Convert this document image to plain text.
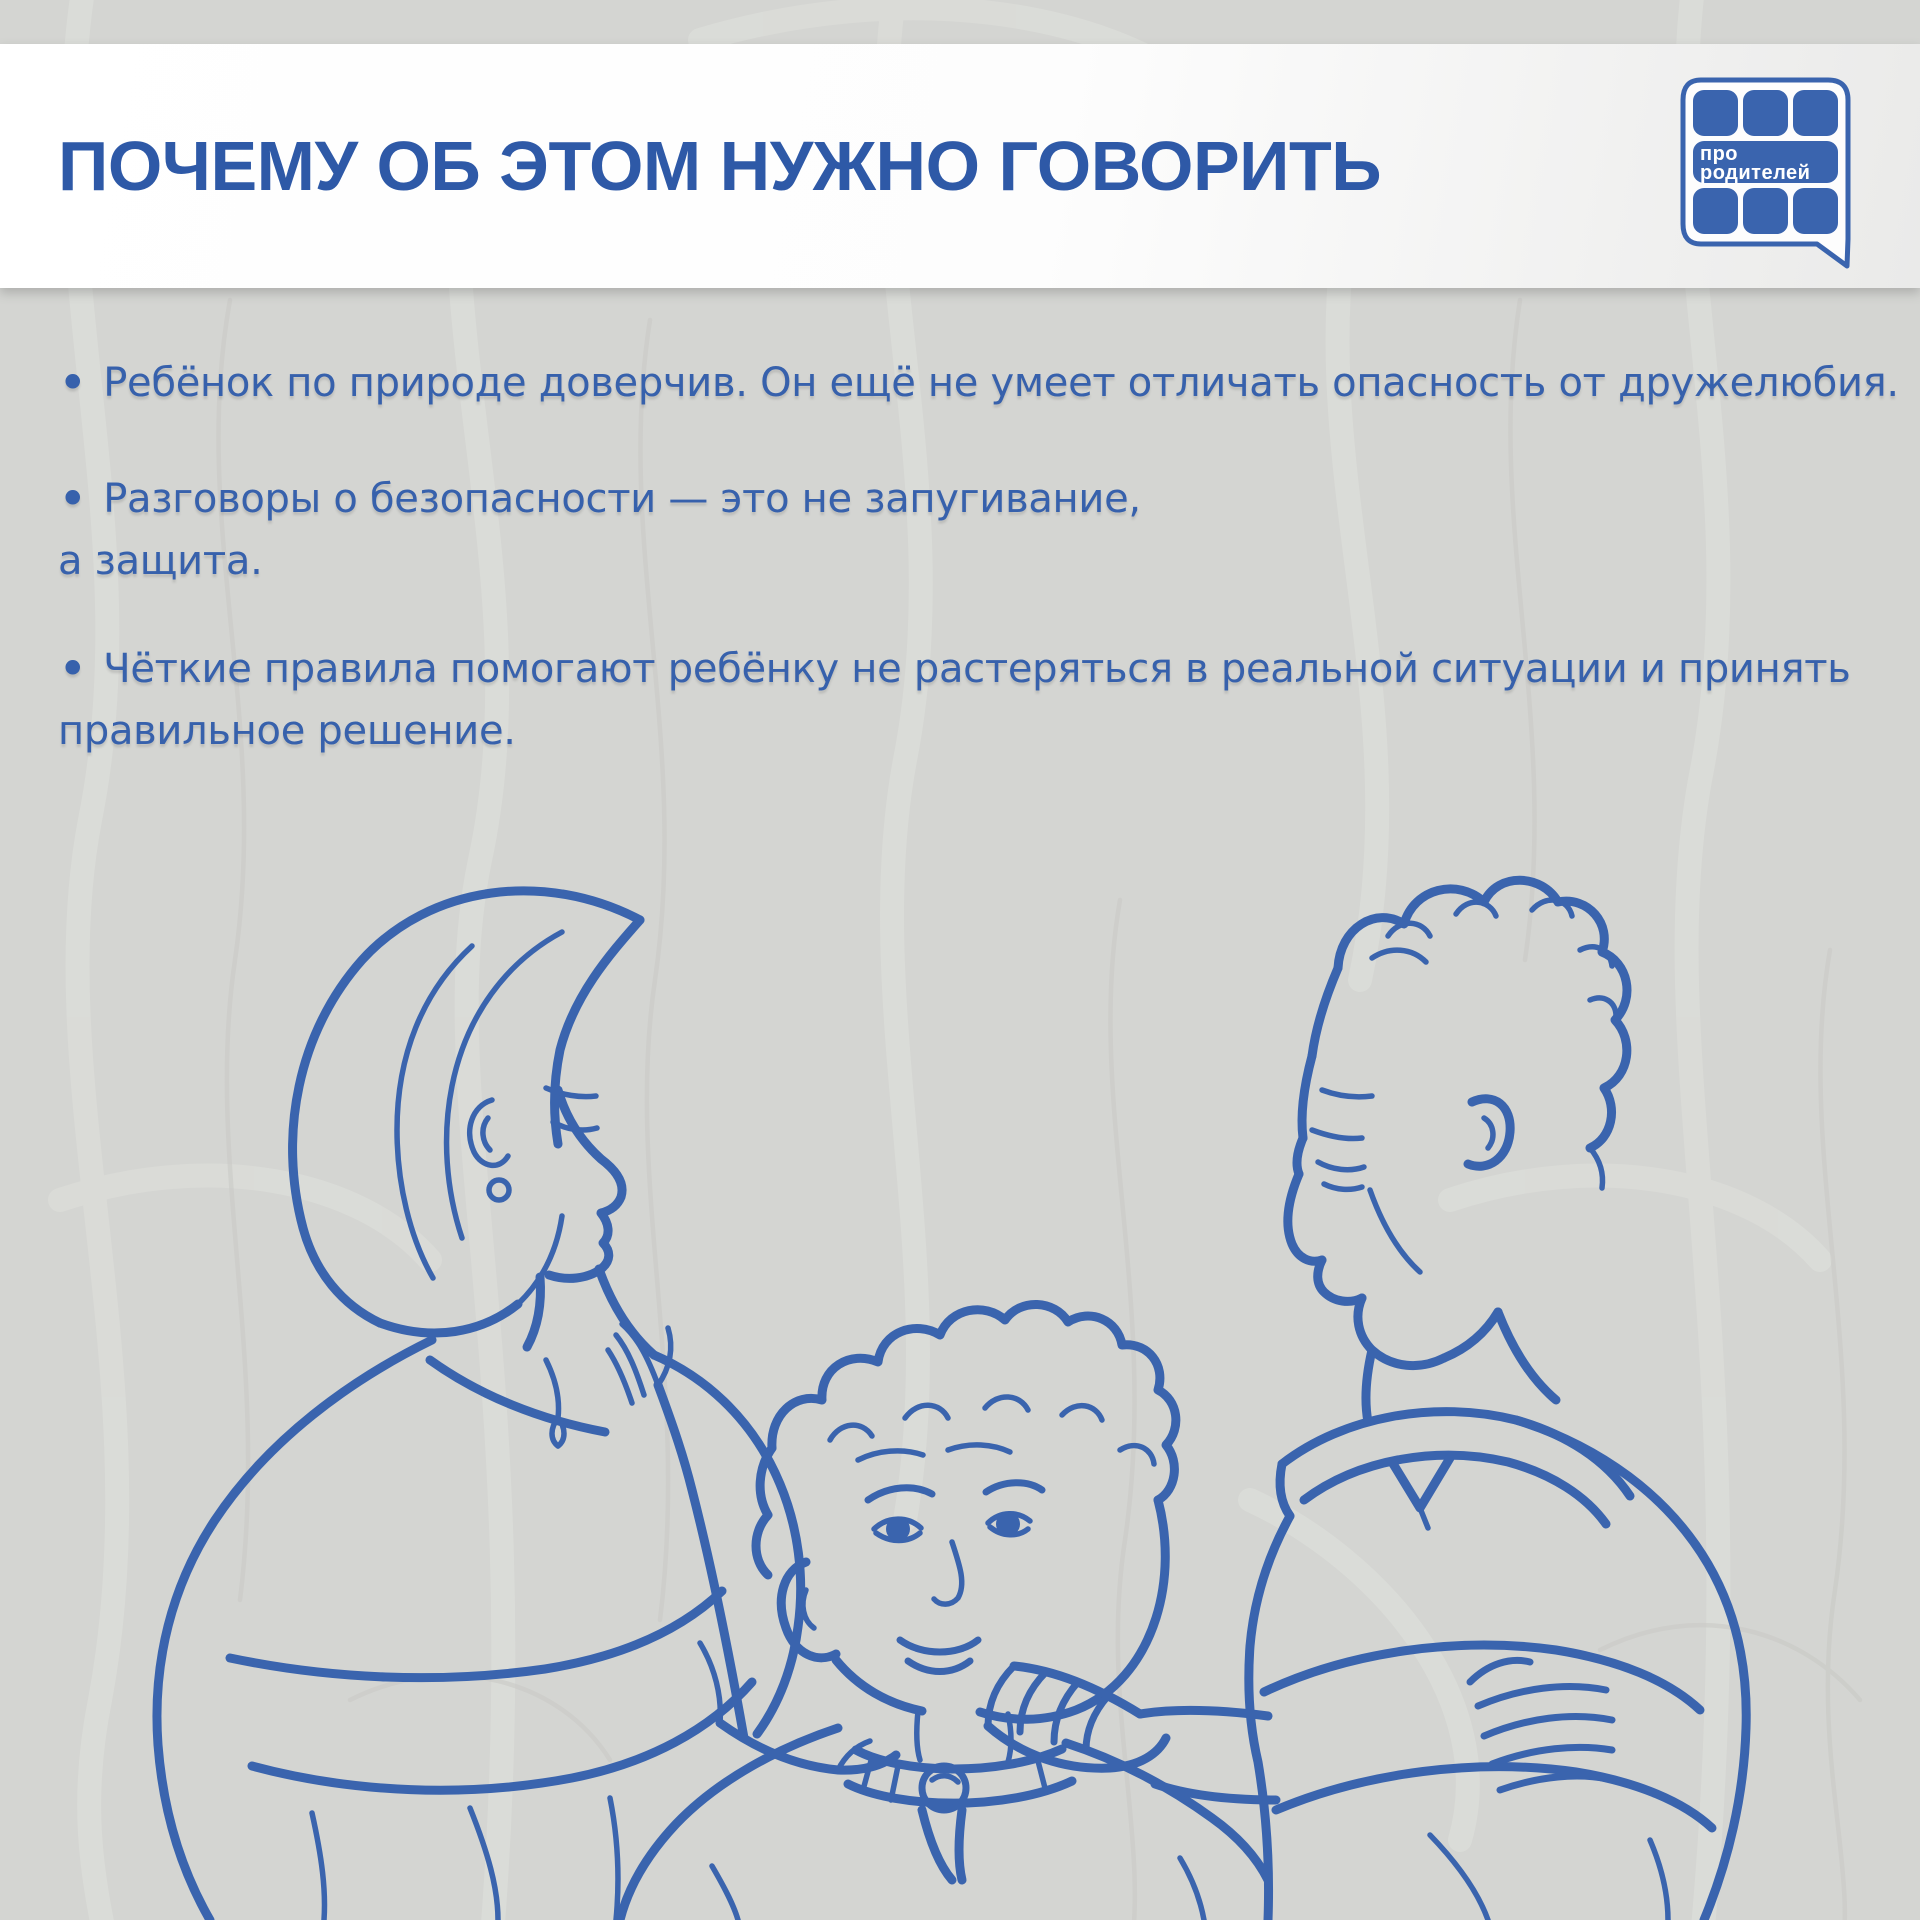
ПОЧЕМУ ОБ ЭТОМ НУЖНО ГОВОРИТЬ	про
родителей

• Ребёнок по природе доверчив. Он ещё не умеет отличать опасность от дружелюбия.

• Разговоры о безопасности — это не запугивание,
а защита.

• Чёткие правила помогают ребёнку не растеряться в реальной ситуации и принять
правильное решение.
